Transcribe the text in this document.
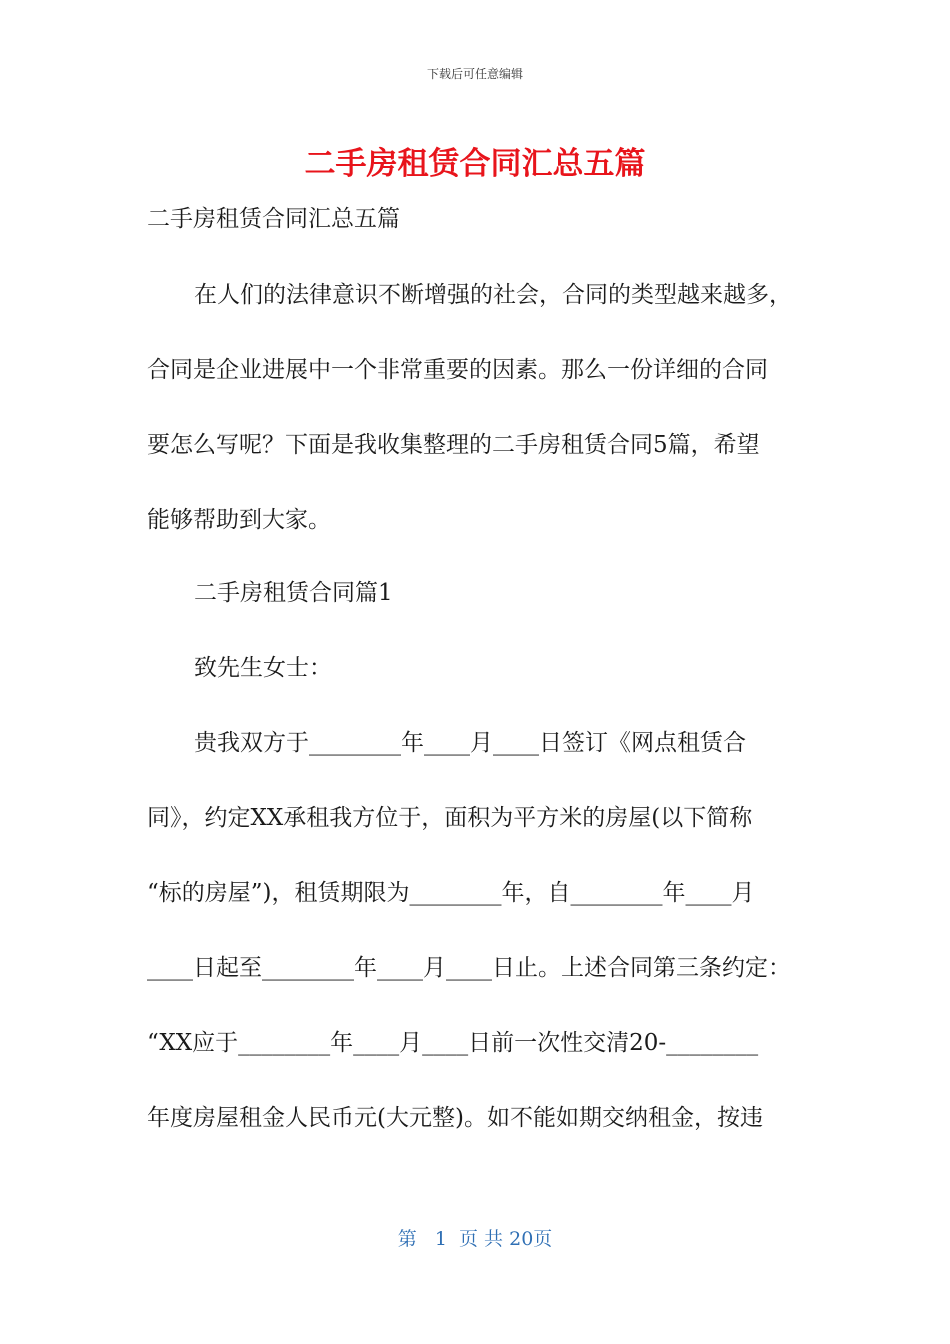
下载后可任意编辑
二手房租赁合同汇总五篇
二手房租赁合同汇总五篇
在人们的法律意识不断增强的社会，合同的类型越来越多，
合同是企业进展中一个非常重要的因素。那么一份详细的合同
要怎么写呢？下面是我收集整理的二手房租赁合同5篇，希望
能够帮助到大家。
二手房租赁合同篇1
致先生女士：
贵我双方于________年____月____日签订《网点租赁合
同》，约定XX承租我方位于，面积为平方米的房屋(以下简称
“标的房屋”)，租赁期限为________年，自________年____月
____日起至________年____月____日止。上述合同第三条约定：
“XX应于________年____月____日前一次性交清20-________
年度房屋租金人民币元(大元整)。如不能如期交纳租金，按违
第 1 页 共 20页
